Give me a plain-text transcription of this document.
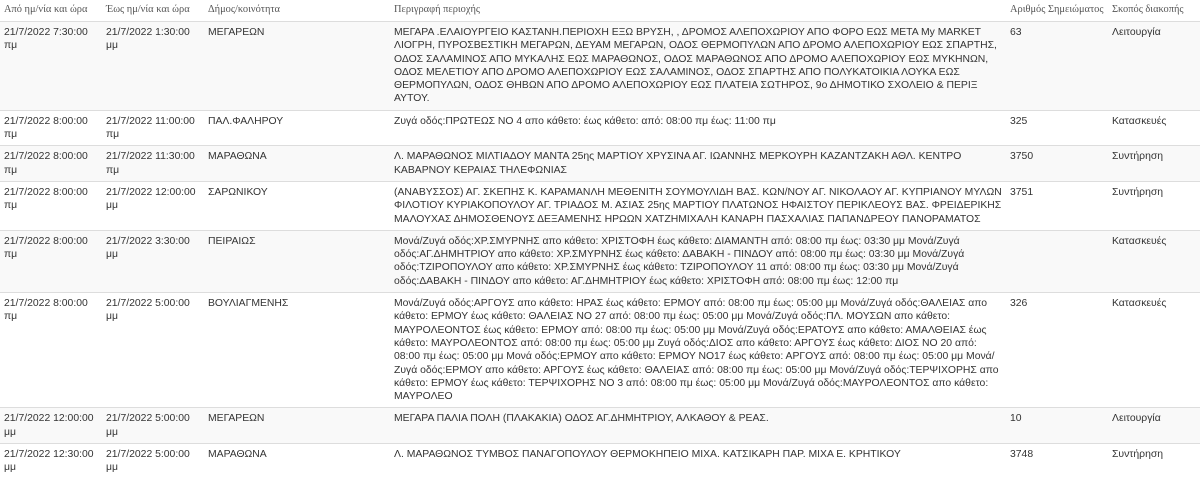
Από ημ/νία και ώρα	Έως ημ/νία και ώρα	Δήμος/κοινότητα	Περιγραφή περιοχής	Αριθμός Σημειώματος	Σκοπός διακοπής
21/7/2022 7:30:00 πμ	21/7/2022 1:30:00 μμ	ΜΕΓΑΡΕΩΝ	ΜΕΓΑΡΑ .ΕΛΑΙΟΥΡΓΕΙΟ ΚΑΣΤΑΝΗ.ΠΕΡΙΟΧΗ ΕΞΩ ΒΡΥΣΗ, , ΔΡΟΜΟΣ ΑΛΕΠΟΧΩΡΙΟΥ ΑΠΟ ΦΟΡΟ ΕΩΣ ΜΕΤΑ My MARKET ΛΙΟΓΡΗ, ΠΥΡΟΣΒΕΣΤΙΚΗ ΜΕΓΑΡΩΝ, ΔΕΥΑΜ ΜΕΓΑΡΩΝ, ΟΔΟΣ ΘΕΡΜΟΠΥΛΩΝ ΑΠΟ ΔΡΟΜΟ ΑΛΕΠΟΧΩΡΙΟΥ ΕΩΣ ΣΠΑΡΤΗΣ, ΟΔΟΣ ΣΑΛΑΜΙΝΟΣ ΑΠΟ ΜΥΚΑΛΗΣ ΕΩΣ ΜΑΡΑΘΩΝΟΣ, ΟΔΟΣ ΜΑΡΑΘΩΝΟΣ ΑΠΟ ΔΡΟΜΟ ΑΛΕΠΟΧΩΡΙΟΥ ΕΩΣ ΜΥΚΗΝΩΝ, ΟΔΟΣ ΜΕΛΕΤΙΟΥ ΑΠΟ ΔΡΟΜΟ ΑΛΕΠΟΧΩΡΙΟΥ ΕΩΣ ΣΑΛΑΜΙΝΟΣ, ΟΔΟΣ ΣΠΑΡΤΗΣ ΑΠΟ ΠΟΛΥΚΑΤΟΙΚΙΑ ΛΟΥΚΑ ΕΩΣ ΘΕΡΜΟΠΥΛΩΝ, ΟΔΟΣ ΘΗΒΩΝ ΑΠΟ ΔΡΟΜΟ ΑΛΕΠΟΧΩΡΙΟΥ ΕΩΣ ΠΛΑΤΕΙΑ ΣΩΤΗΡΟΣ, 9ο ΔΗΜΟΤΙΚΟ ΣΧΟΛΕΙΟ & ΠΕΡΙΞ ΑΥΤΟΥ.	63	Λειτουργία
21/7/2022 8:00:00 πμ	21/7/2022 11:00:00 πμ	ΠΑΛ.ΦΑΛΗΡΟΥ	Ζυγά οδός:ΠΡΩΤΕΩΣ ΝΟ 4 απο κάθετο: έως κάθετο: από: 08:00 πμ έως: 11:00 πμ	325	Κατασκευές
21/7/2022 8:00:00 πμ	21/7/2022 11:30:00 πμ	ΜΑΡΑΘΩΝΑ	Λ. ΜΑΡΑΘΩΝΟΣ ΜΙΛΤΙΑΔΟΥ ΜΑΝΤΑ 25ης ΜΑΡΤΙΟΥ ΧΡΥΣΙΝΑ ΑΓ. ΙΩΑΝΝΗΣ ΜΕΡΚΟΥΡΗ ΚΑΖΑΝΤΖΑΚΗ ΑΘΛ. ΚΕΝΤΡΟ ΚΑΒΑΡΝΟΥ ΚΕΡΑΙΑΣ ΤΗΛΕΦΩΝΙΑΣ	3750	Συντήρηση
21/7/2022 8:00:00 πμ	21/7/2022 12:00:00 μμ	ΣΑΡΩΝΙΚΟΥ	(ΑΝΑΒΥΣΣΟΣ) ΑΓ. ΣΚΕΠΗΣ Κ. ΚΑΡΑΜΑΝΛΗ ΜΕΘΕΝΙΤΗ ΣΟΥΜΟΥΛΙΔΗ ΒΑΣ. ΚΩΝ/ΝΟΥ ΑΓ. ΝΙΚΟΛΑΟΥ ΑΓ. ΚΥΠΡΙΑΝΟΥ ΜΥΛΩΝ ΦΙΛΟΤΙΟΥ ΚΥΡΙΑΚΟΠΟΥΛΟΥ ΑΓ. ΤΡΙΑΔΟΣ Μ. ΑΣΙΑΣ 25ης ΜΑΡΤΙΟΥ ΠΛΑΤΩΝΟΣ ΗΦΑΙΣΤΟΥ ΠΕΡΙΚΛΕΟΥΣ ΒΑΣ. ΦΡΕΙΔΕΡΙΚΗΣ ΜΑΛΟΥΧΑΣ ΔΗΜΟΣΘΕΝΟΥΣ ΔΕΞΑΜΕΝΗΣ ΗΡΩΩΝ ΧΑΤΖΗΜΙΧΑΛΗ ΚΑΝΑΡΗ ΠΑΣΧΑΛΙΑΣ ΠΑΠΑΝΔΡΕΟΥ ΠΑΝΟΡΑΜΑΤΟΣ	3751	Συντήρηση
21/7/2022 8:00:00 πμ	21/7/2022 3:30:00 μμ	ΠΕΙΡΑΙΩΣ	Μονά/Ζυγά οδός:ΧΡ.ΣΜΥΡΝΗΣ απο κάθετο: ΧΡΙΣΤΟΦΗ έως κάθετο: ΔΙΑΜΑΝΤΗ από: 08:00 πμ έως: 03:30 μμ Μονά/Ζυγά οδός:ΑΓ.ΔΗΜΗΤΡΙΟΥ απο κάθετο: ΧΡ.ΣΜΥΡΝΗΣ έως κάθετο: ΔΑΒΑΚΗ - ΠΙΝΔΟΥ από: 08:00 πμ έως: 03:30 μμ Μονά/Ζυγά οδός:ΤΖΙΡΟΠΟΥΛΟΥ απο κάθετο: ΧΡ.ΣΜΥΡΝΗΣ έως κάθετο: ΤΖΙΡΟΠΟΥΛΟΥ 11 από: 08:00 πμ έως: 03:30 μμ Μονά/Ζυγά οδός:ΔΑΒΑΚΗ - ΠΙΝΔΟΥ απο κάθετο: ΑΓ.ΔΗΜΗΤΡΙΟΥ έως κάθετο: ΧΡΙΣΤΟΦΗ από: 08:00 πμ έως: 12:00 πμ		Κατασκευές
21/7/2022 8:00:00 πμ	21/7/2022 5:00:00 μμ	ΒΟΥΛΙΑΓΜΕΝΗΣ	Μονά/Ζυγά οδός:ΑΡΓΟΥΣ απο κάθετο: ΗΡΑΣ έως κάθετο: ΕΡΜΟΥ από: 08:00 πμ έως: 05:00 μμ Μονά/Ζυγά οδός:ΘΑΛΕΙΑΣ απο κάθετο: ΕΡΜΟΥ έως κάθετο: ΘΑΛΕΙΑΣ ΝΟ 27 από: 08:00 πμ έως: 05:00 μμ Μονά/Ζυγά οδός:ΠΛ. ΜΟΥΣΩΝ απο κάθετο: ΜΑΥΡΟΛΕΟΝΤΟΣ έως κάθετο: ΕΡΜΟΥ από: 08:00 πμ έως: 05:00 μμ Μονά/Ζυγά οδός:ΕΡΑΤΟΥΣ απο κάθετο: ΑΜΑΛΘΕΙΑΣ έως κάθετο: ΜΑΥΡΟΛΕΟΝΤΟΣ από: 08:00 πμ έως: 05:00 μμ Ζυγά οδός:ΔΙΟΣ απο κάθετο: ΑΡΓΟΥΣ έως κάθετο: ΔΙΟΣ ΝΟ 20 από: 08:00 πμ έως: 05:00 μμ Μονά οδός:ΕΡΜΟΥ απο κάθετο: ΕΡΜΟΥ ΝΟ17 έως κάθετο: ΑΡΓΟΥΣ από: 08:00 πμ έως: 05:00 μμ Μονά/Ζυγά οδός:ΕΡΜΟΥ απο κάθετο: ΑΡΓΟΥΣ έως κάθετο: ΘΑΛΕΙΑΣ από: 08:00 πμ έως: 05:00 μμ Μονά/Ζυγά οδός:ΤΕΡΨΙΧΟΡΗΣ απο κάθετο: ΕΡΜΟΥ έως κάθετο: ΤΕΡΨΙΧΟΡΗΣ ΝΟ 3 από: 08:00 πμ έως: 05:00 μμ Μονά/Ζυγά οδός:ΜΑΥΡΟΛΕΟΝΤΟΣ απο κάθετο: ΜΑΥΡΟΛΕΟ	326	Κατασκευές
21/7/2022 12:00:00 μμ	21/7/2022 5:00:00 μμ	ΜΕΓΑΡΕΩΝ	ΜΕΓΑΡΑ ΠΑΛΙΑ ΠΟΛΗ (ΠΛΑΚΑΚΙΑ) ΟΔΟΣ ΑΓ.ΔΗΜΗΤΡΙΟΥ, ΑΛΚΑΘΟΥ & ΡΕΑΣ.	10	Λειτουργία
21/7/2022 12:30:00 μμ	21/7/2022 5:00:00 μμ	ΜΑΡΑΘΩΝΑ	Λ. ΜΑΡΑΘΩΝΟΣ ΤΥΜΒΟΣ ΠΑΝΑΓΟΠΟΥΛΟΥ ΘΕΡΜΟΚΗΠΕΙΟ ΜΙΧΑ. ΚΑΤΣΙΚΑΡΗ ΠΑΡ. ΜΙΧΑ Ε. ΚΡΗΤΙΚΟΥ	3748	Συντήρηση
